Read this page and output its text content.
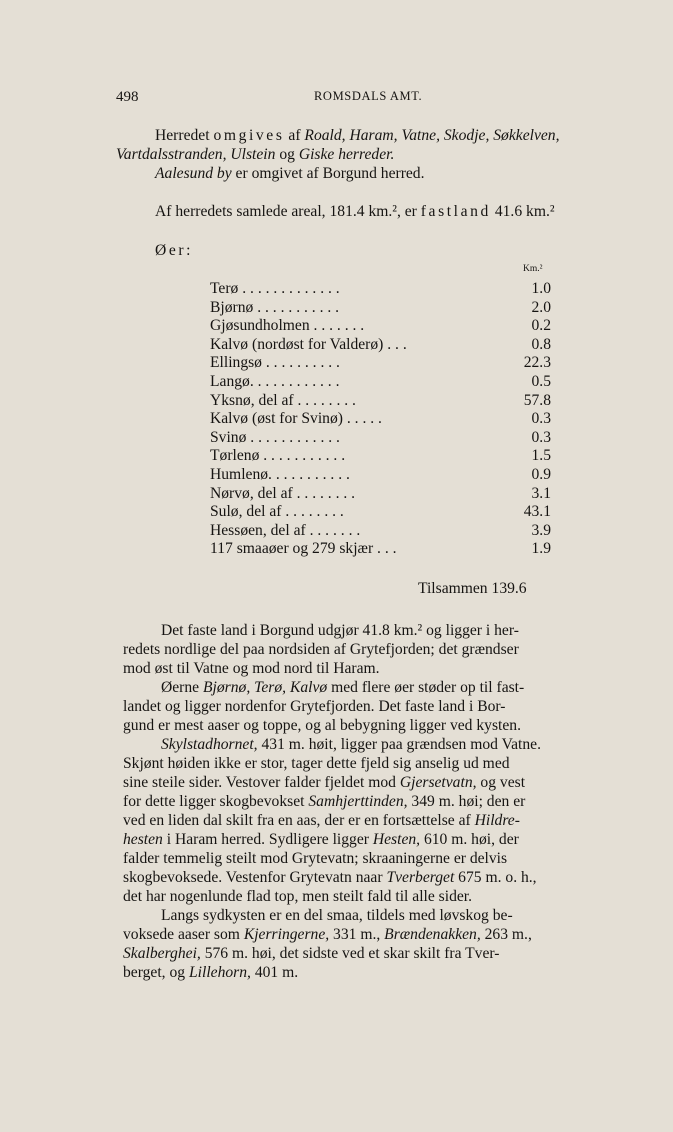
498	ROMSDALS AMT.
Herredet omgives af Roald, Haram, Vatne, Skodje, Søkkelven,
Vartdalsstranden, Ulstein og Giske herreder.
Aalesund by er omgivet af Borgund herred.
Af herredets samlede areal, 181.4 km.², er fastland 41.6 km.²
Øer:
Km.²
Terø . . . . . . . . . . . . .	1.0
Bjørnø . . . . . . . . . . .	2.0
Gjøsundholmen . . . . . . .	0.2
Kalvø (nordøst for Valderø) . . .	0.8
Ellingsø . . . . . . . . . .	22.3
Langø. . . . . . . . . . . .	0.5
Yksnø, del af . . . . . . . .	57.8
Kalvø (øst for Svinø) . . . . .	0.3
Svinø . . . . . . . . . . . .	0.3
Tørlenø . . . . . . . . . . .	1.5
Humlenø. . . . . . . . . . .	0.9
Nørvø, del af . . . . . . . .	3.1
Sulø, del af . . . . . . . .	43.1
Hessøen, del af . . . . . . .	3.9
117 smaaøer og 279 skjær . . .	1.9
Tilsammen 139.6
Det faste land i Borgund udgjør 41.8 km.² og ligger i her-
redets nordlige del paa nordsiden af Grytefjorden; det grændser
mod øst til Vatne og mod nord til Haram.
Øerne Bjørnø, Terø, Kalvø med flere øer støder op til fast-
landet og ligger nordenfor Grytefjorden. Det faste land i Bor-
gund er mest aaser og toppe, og al bebygning ligger ved kysten.
Skylstadhornet, 431 m. høit, ligger paa grændsen mod Vatne.
Skjønt høiden ikke er stor, tager dette fjeld sig anselig ud med
sine steile sider. Vestover falder fjeldet mod Gjersetvatn, og vest
for dette ligger skogbevokset Samhjerttinden, 349 m. høi; den er
ved en liden dal skilt fra en aas, der er en fortsættelse af Hildre-
hesten i Haram herred. Sydligere ligger Hesten, 610 m. høi, der
falder temmelig steilt mod Grytevatn; skraaningerne er delvis
skogbevoksede. Vestenfor Grytevatn naar Tverberget 675 m. o. h.,
det har nogenlunde flad top, men steilt fald til alle sider.
Langs sydkysten er en del smaa, tildels med løvskog be-
voksede aaser som Kjerringerne, 331 m., Brændenakken, 263 m.,
Skalberghei, 576 m. høi, det sidste ved et skar skilt fra Tver-
berget, og Lillehorn, 401 m.
